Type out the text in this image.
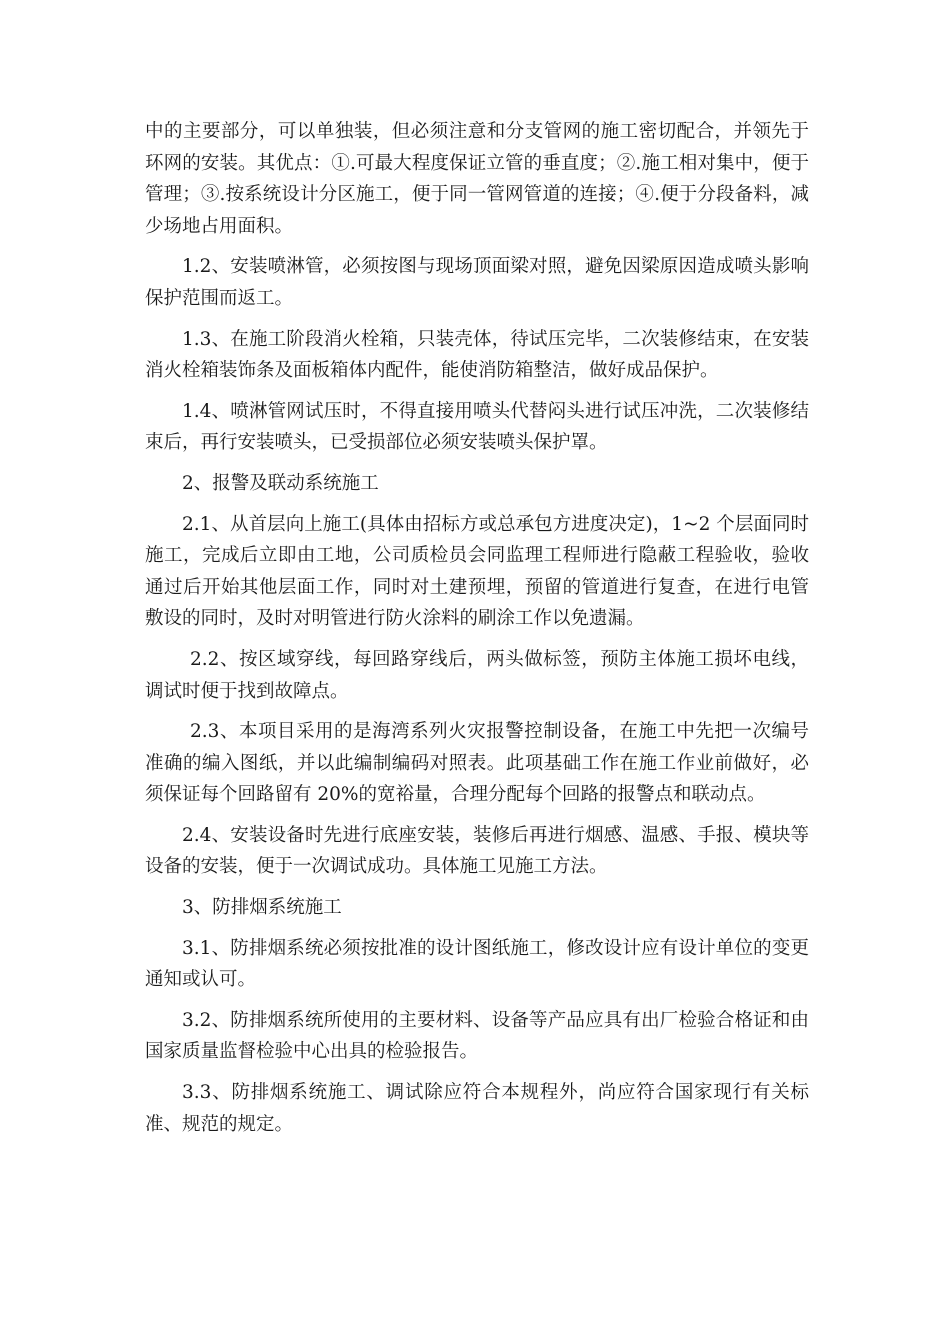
中的主要部分，可以单独装，但必须注意和分支管网的施工密切配合，并领先于环网的安装。其优点：①.可最大程度保证立管的垂直度；②.施工相对集中，便于管理；③.按系统设计分区施工，便于同一管网管道的连接；④.便于分段备料，减少场地占用面积。

1.2、安装喷淋管，必须按图与现场顶面梁对照，避免因梁原因造成喷头影响保护范围而返工。

1.3、在施工阶段消火栓箱，只装壳体，待试压完毕，二次装修结束，在安装消火栓箱装饰条及面板箱体内配件，能使消防箱整洁，做好成品保护。

1.4、喷淋管网试压时，不得直接用喷头代替闷头进行试压冲洗，二次装修结束后，再行安装喷头，已受损部位必须安装喷头保护罩。

2、报警及联动系统施工

2.1、从首层向上施工(具体由招标方或总承包方进度决定)，1~2 个层面同时施工，完成后立即由工地，公司质检员会同监理工程师进行隐蔽工程验收，验收通过后开始其他层面工作，同时对土建预埋，预留的管道进行复查，在进行电管敷设的同时，及时对明管进行防火涂料的刷涂工作以免遗漏。

2.2、按区域穿线，每回路穿线后，两头做标签，预防主体施工损坏电线，调试时便于找到故障点。

2.3、本项目采用的是海湾系列火灾报警控制设备，在施工中先把一次编号准确的编入图纸，并以此编制编码对照表。此项基础工作在施工作业前做好，必须保证每个回路留有 20%的宽裕量，合理分配每个回路的报警点和联动点。

2.4、安装设备时先进行底座安装，装修后再进行烟感、温感、手报、模块等设备的安装，便于一次调试成功。具体施工见施工方法。

3、防排烟系统施工

3.1、防排烟系统必须按批准的设计图纸施工，修改设计应有设计单位的变更通知或认可。

3.2、防排烟系统所使用的主要材料、设备等产品应具有出厂检验合格证和由国家质量监督检验中心出具的检验报告。

3.3、防排烟系统施工、调试除应符合本规程外，尚应符合国家现行有关标准、规范的规定。
